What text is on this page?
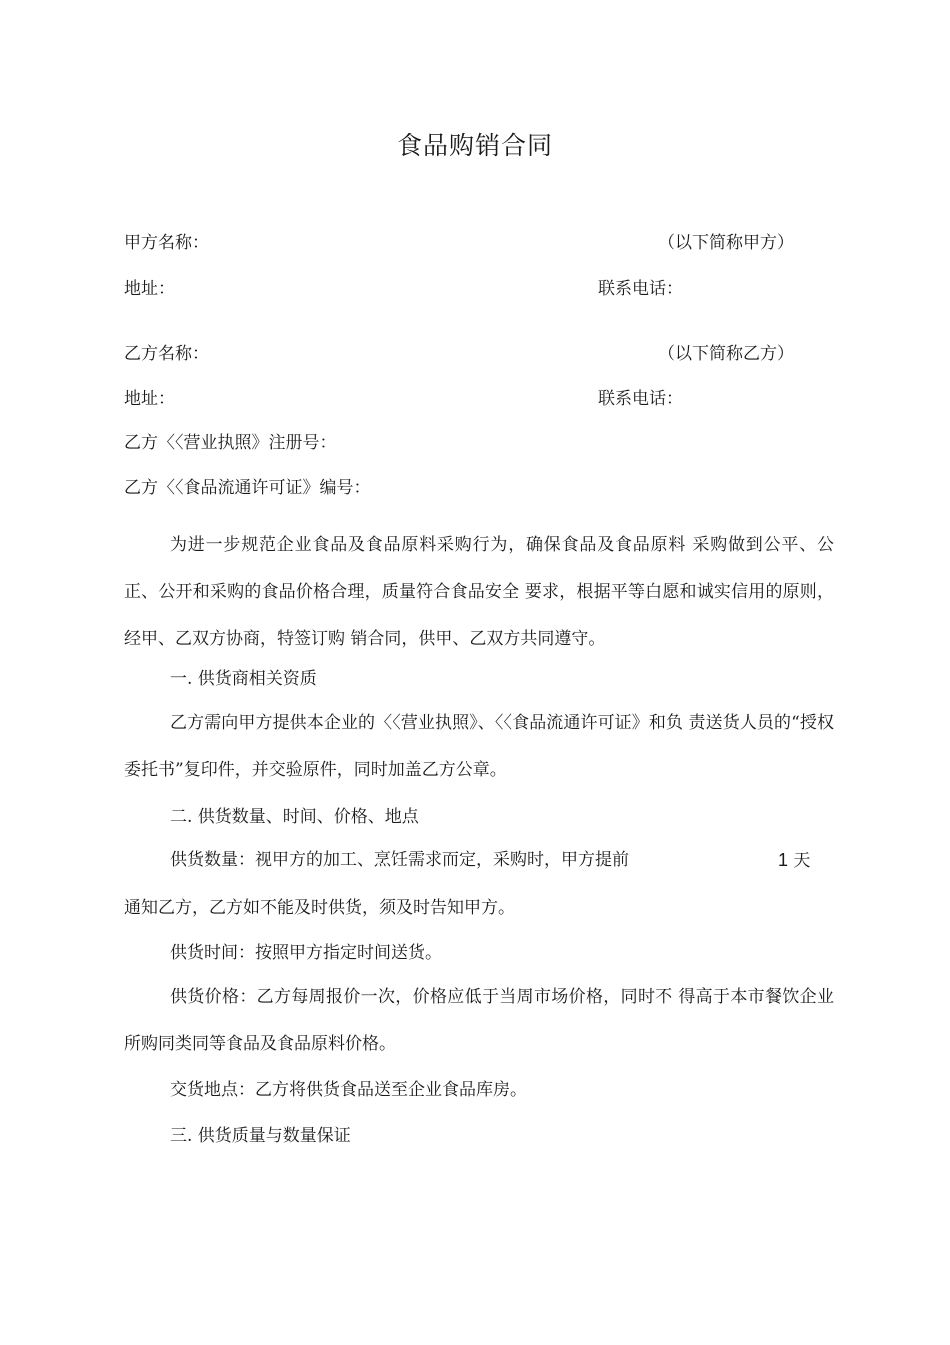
食品购销合同
甲方名称：	（以下简称甲方）
地址：	联系电话：
乙方名称：	（以下简称乙方）
地址：	联系电话：
乙方〈〈营业执照》注册号：
乙方〈〈食品流通许可证》编号：
为进一步规范企业食品及食品原料采购行为，确保食品及食品原料 采购做到公平、公正、公开和采购的食品价格合理，质量符合食品安全 要求，根据平等白愿和诚实信用的原则，经甲、乙双方协商，特签订购 销合同，供甲、乙双方共同遵守。
一. 供货商相关资质
乙方需向甲方提供本企业的〈〈营业执照》、〈〈食品流通许可证》和负 责送货人员的“授权委托书”复印件，并交验原件，同时加盖乙方公章。
二. 供货数量、时间、价格、地点
供货数量：视甲方的加工、烹饪需求而定，采购时，甲方提前	1 天
通知乙方，乙方如不能及时供货，须及时告知甲方。
供货时间：按照甲方指定时间送货。
供货价格：乙方每周报价一次，价格应低于当周市场价格，同时不 得高于本市餐饮企业所购同类同等食品及食品原料价格。
交货地点：乙方将供货食品送至企业食品库房。
三. 供货质量与数量保证
